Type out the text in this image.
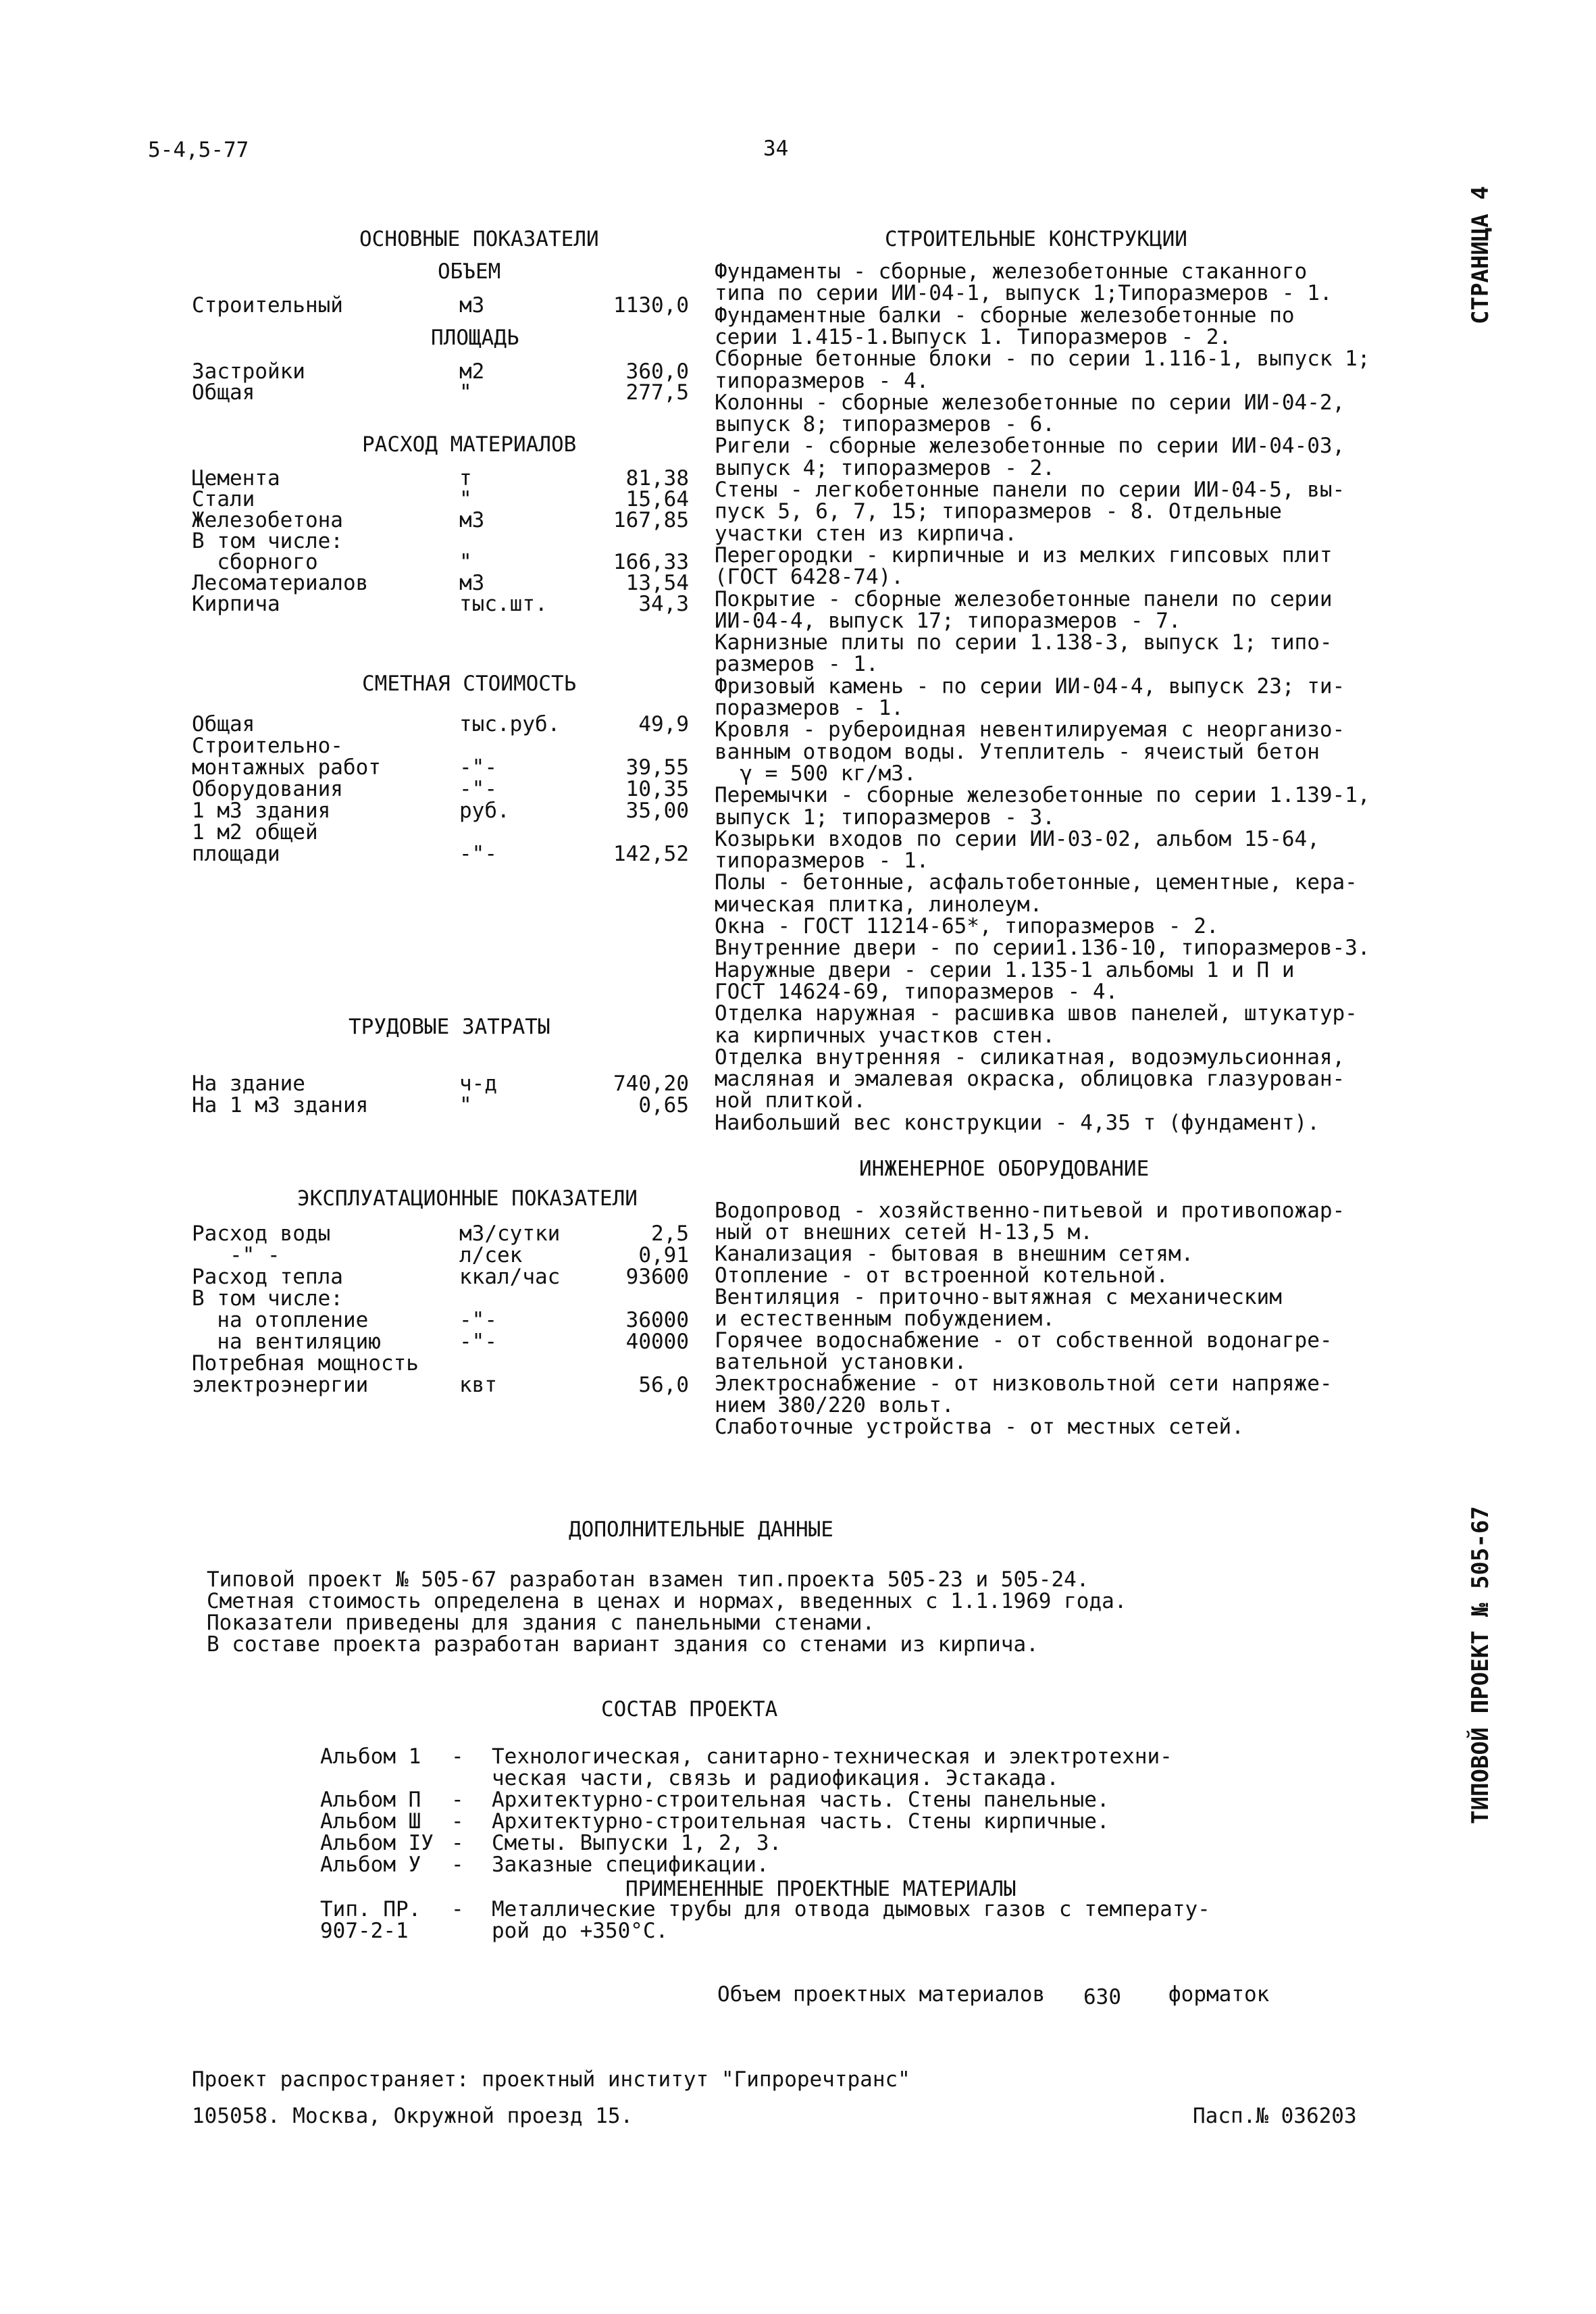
5-4,5-77	34
СТРАНИЦА 4
ТИПОВОЙ ПРОЕКТ № 505-67
ОСНОВНЫЕ ПОКАЗАТЕЛИ
ОБЪЕМ
Строительный	м3	1130,0
ПЛОЩАДЬ
Застройки	м2	360,0
Общая	"	277,5
РАСХОД МАТЕРИАЛОВ
Цемента	т	81,38
Стали	"	15,64
Железобетона	м3	167,85
В том числе:
сборного	"	166,33
Лесоматериалов	м3	13,54
Кирпича	тыс.шт.	34,3
СМЕТНАЯ СТОИМОСТЬ
Общая	тыс.руб.	49,9
Строительно-
монтажных работ	-"-	39,55
Оборудования	-"-	10,35
1 м3 здания	руб.	35,00
1 м2 общей
площади	-"-	142,52
ТРУДОВЫЕ ЗАТРАТЫ
На здание	ч-д	740,20
На 1 м3 здания	"	0,65
СТРОИТЕЛЬНЫЕ КОНСТРУКЦИИ
Фундаменты - сборные, железобетонные стаканного
типа по серии ИИ-04-1, выпуск 1;Типоразмеров - 1.
Фундаментные балки - сборные железобетонные по
серии 1.415-1.Выпуск 1. Типоразмеров - 2.
Сборные бетонные блоки - по серии 1.116-1, выпуск 1;
типоразмеров - 4.
Колонны - сборные железобетонные по серии ИИ-04-2,
выпуск 8; типоразмеров - 6.
Ригели - сборные железобетонные по серии ИИ-04-03,
выпуск 4; типоразмеров - 2.
Стены - легкобетонные панели по серии ИИ-04-5, вы-
пуск 5, 6, 7, 15; типоразмеров - 8. Отдельные
участки стен из кирпича.
Перегородки - кирпичные и из мелких гипсовых плит
(ГОСТ 6428-74).
Покрытие - сборные железобетонные панели по серии
ИИ-04-4, выпуск 17; типоразмеров - 7.
Карнизные плиты по серии 1.138-3, выпуск 1; типо-
размеров - 1.
Фризовый камень - по серии ИИ-04-4, выпуск 23; ти-
поразмеров - 1.
Кровля - рубероидная невентилируемая с неорганизо-
ванным отводом воды. Утеплитель - ячеистый бетон
γ = 500 кг/м3.
Перемычки - сборные железобетонные по серии 1.139-1,
выпуск 1; типоразмеров - 3.
Козырьки входов по серии ИИ-03-02, альбом 15-64,
типоразмеров - 1.
Полы - бетонные, асфальтобетонные, цементные, кера-
мическая плитка, линолеум.
Окна - ГОСТ 11214-65*, типоразмеров - 2.
Внутренние двери - по серии1.136-10, типоразмеров-3.
Наружные двери - серии 1.135-1 альбомы 1 и П и
ГОСТ 14624-69, типоразмеров - 4.
Отделка наружная - расшивка швов панелей, штукатур-
ка кирпичных участков стен.
Отделка внутренняя - силикатная, водоэмульсионная,
масляная и эмалевая окраска, облицовка глазурован-
ной плиткой.
Наибольший вес конструкции - 4,35 т (фундамент).
ЭКСПЛУАТАЦИОННЫЕ ПОКАЗАТЕЛИ
Расход воды	м3/сутки	2,5
-" -	л/сек	0,91
Расход тепла	ккал/час	93600
В том числе:
на отопление	-"-	36000
на вентиляцию	-"-	40000
Потребная мощность
электроэнергии	квт	56,0
ИНЖЕНЕРНОЕ ОБОРУДОВАНИЕ
Водопровод - хозяйственно-питьевой и противопожар-
ный от внешних сетей Н-13,5 м.
Канализация - бытовая в внешним сетям.
Отопление - от встроенной котельной.
Вентиляция - приточно-вытяжная с механическим
и естественным побуждением.
Горячее водоснабжение - от собственной водонагре-
вательной установки.
Электроснабжение - от низковольтной сети напряже-
нием 380/220 вольт.
Слаботочные устройства - от местных сетей.
ДОПОЛНИТЕЛЬНЫЕ ДАННЫЕ
Типовой проект № 505-67 разработан взамен тип.проекта 505-23 и 505-24.
Сметная стоимость определена в ценах и нормах, введенных с 1.1.1969 года.
Показатели приведены для здания с панельными стенами.
В составе проекта разработан вариант здания со стенами из кирпича.
СОСТАВ ПРОЕКТА
Альбом 1 - Технологическая, санитарно-техническая и электротехни-
ческая части, связь и радиофикация. Эстакада.
Альбом П - Архитектурно-строительная часть. Стены панельные.
Альбом Ш - Архитектурно-строительная часть. Стены кирпичные.
Альбом IУ - Сметы. Выпуски 1, 2, 3.
Альбом У - Заказные спецификации.
ПРИМЕНЕННЫЕ ПРОЕКТНЫЕ МАТЕРИАЛЫ
Тип. ПР. - Металлические трубы для отвода дымовых газов с температу-
907-2-1	рой до +350°С.
Объем проектных материалов 630 форматок
Проект распространяет: проектный институт "Гипроречтранс"
105058. Москва, Окружной проезд 15.	Пасп.№ 036203
